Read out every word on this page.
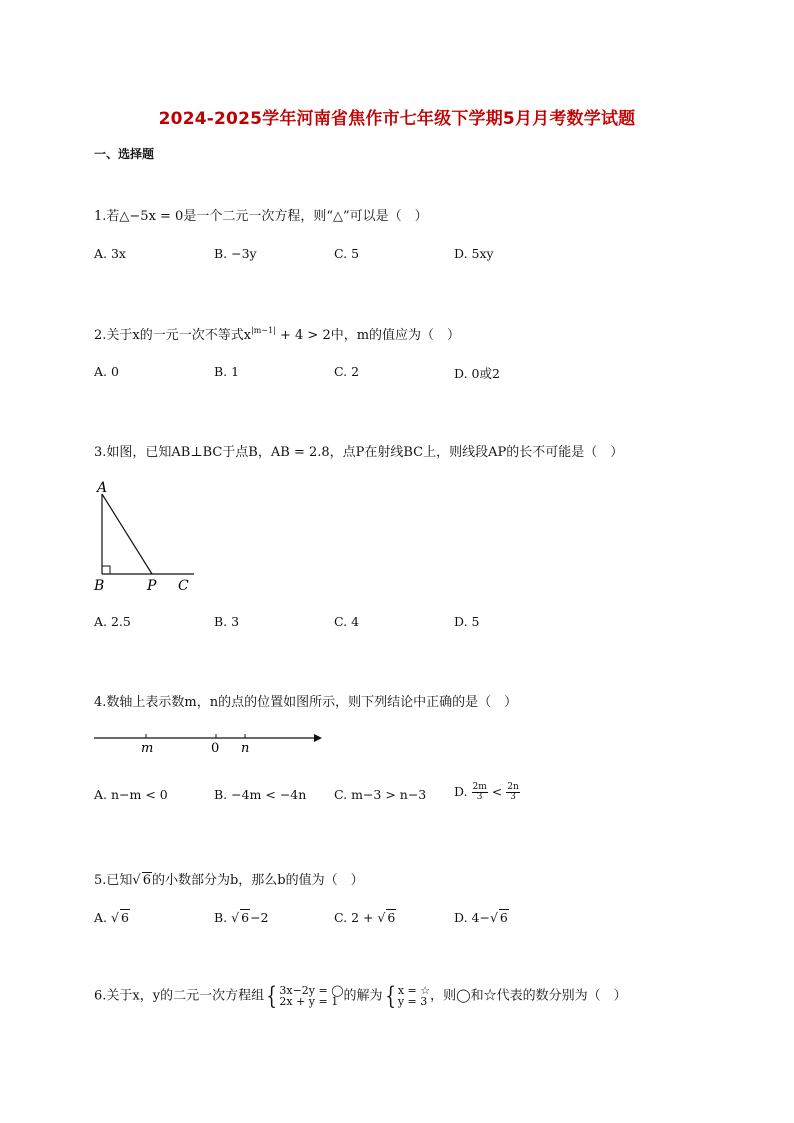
2024-2025学年河南省焦作市七年级下学期5月月考数学试题
一、选择题
1.若△−5x = 0是一个二元一次方程，则“△”可以是（　）
A. 3x	B. −3y	C. 5	D. 5xy
2.关于x的一元一次不等式$x^{|m-1|} + 4 > 2$中，m的值应为（　）
A. 0	B. 1	C. 2	D. 0或2
3.如图，已知AB⊥BC于点B，AB = 2.8，点P在射线BC上，则线段AP的长不可能是（　）
A
B	P C
A. 2.5	B. 3	C. 4	D. 5
4.数轴上表示数m，n的点的位置如图所示，则下列结论中正确的是（　）
m	0 n
A. n−m < 0	B. −4m < −4n C. m−3 > n−3 D. $\frac{2m}{3} < \frac{2n}{3}$
5.已知√ 6的小数部分为b，那么b的值为（　）
A. √ 6	B. √ 6−2	C. 2 + √ 6	D. 4−√ 6
6.关于x，y的二元一次方程组{ 3x−2y = ◯
2x + y = 1 的解为{ x = ☆
y = 3 ，则◯和☆代表的数分别为（　）
